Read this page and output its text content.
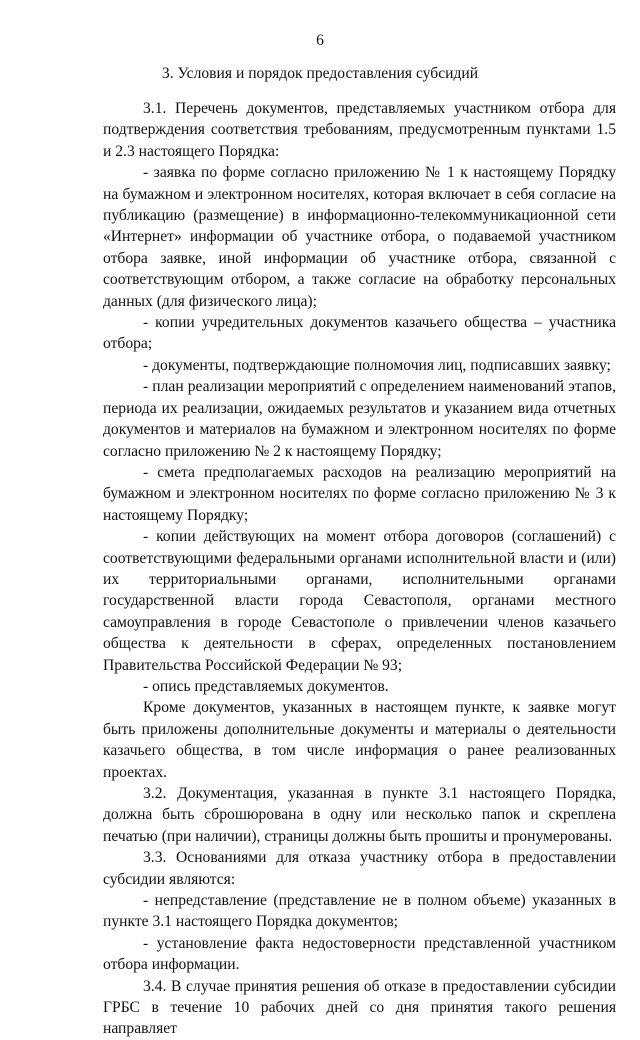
6
3. Условия и порядок предоставления субсидий

3.1. Перечень документов, представляемых участником отбора для подтверждения соответствия требованиям, предусмотренным пунктами 1.5 и 2.3 настоящего Порядка:

- заявка по форме согласно приложению № 1 к настоящему Порядку на бумажном и электронном носителях, которая включает в себя согласие на публикацию (размещение) в информационно-телекоммуникационной сети «Интернет» информации об участнике отбора, о подаваемой участником отбора заявке, иной информации об участнике отбора, связанной с соответствующим отбором, а также согласие на обработку персональных данных (для физического лица);

- копии учредительных документов казачьего общества – участника отбора;

- документы, подтверждающие полномочия лиц, подписавших заявку;

- план реализации мероприятий с определением наименований этапов, периода их реализации, ожидаемых результатов и указанием вида отчетных документов и материалов на бумажном и электронном носителях по форме согласно приложению № 2 к настоящему Порядку;

- смета предполагаемых расходов на реализацию мероприятий на бумажном и электронном носителях по форме согласно приложению № 3 к настоящему Порядку;

- копии действующих на момент отбора договоров (соглашений) с соответствующими федеральными органами исполнительной власти и (или) их территориальными органами, исполнительными органами государственной власти города Севастополя, органами местного самоуправления в городе Севастополе о привлечении членов казачьего общества к деятельности в сферах, определенных постановлением Правительства Российской Федерации № 93;

- опись представляемых документов.

Кроме документов, указанных в настоящем пункте, к заявке могут быть приложены дополнительные документы и материалы о деятельности казачьего общества, в том числе информация о ранее реализованных проектах.

3.2. Документация, указанная в пункте 3.1 настоящего Порядка, должна быть сброшюрована в одну или несколько папок и скреплена печатью (при наличии), страницы должны быть прошиты и пронумерованы.

3.3. Основаниями для отказа участнику отбора в предоставлении субсидии являются:

- непредставление (представление не в полном объеме) указанных в пункте 3.1 настоящего Порядка документов;

- установление факта недостоверности представленной участником отбора информации.

3.4. В случае принятия решения об отказе в предоставлении субсидии ГРБС в течение 10 рабочих дней со дня принятия такого решения направляет
